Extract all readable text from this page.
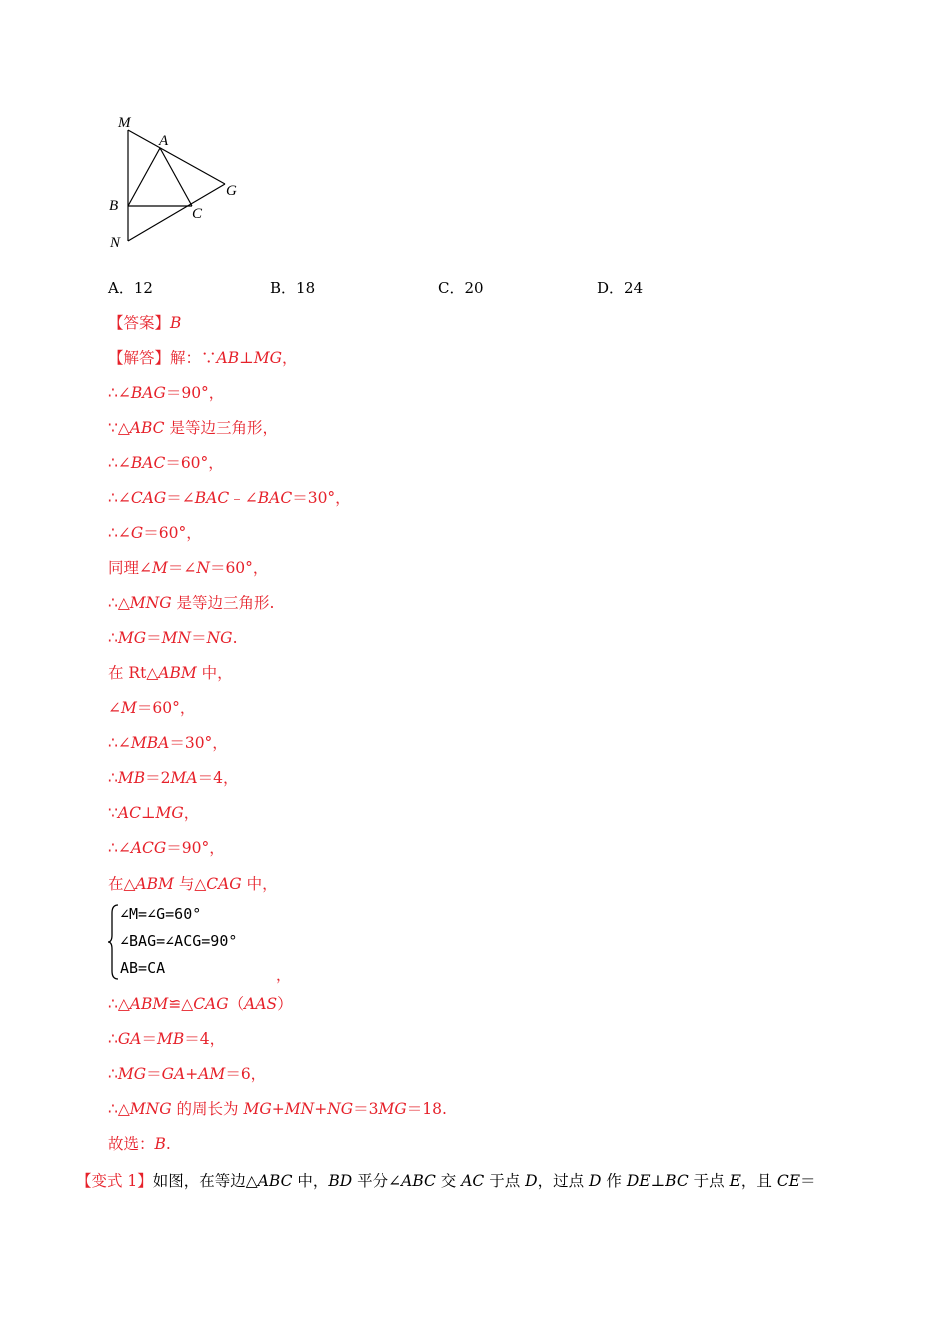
M
A
G
B	C
N
A．12	B．18	C．20	D．24
【答案】B
【解答】解：∵AB⊥MG，
∴∠BAG＝90°，
∵△ABC 是等边三角形，
∴∠BAC＝60°，
∴∠CAG＝∠BAC﹣∠BAC＝30°，
∴∠G＝60°，
同理∠M＝∠N＝60°，
∴△MNG 是等边三角形.
∴MG＝MN＝NG.
在 Rt△ABM 中，
∠M＝60°，
∴∠MBA＝30°，
∴MB＝2MA＝4，
∵AC⊥MG，
∴∠ACG＝90°，
在△ABM 与△CAG 中，
∠M=∠G=60°
∠BAG=∠ACG=90°
AB=CA	，
∴△ABM≌△CAG（AAS）
∴GA＝MB＝4，
∴MG＝GA+AM＝6，
∴△MNG 的周长为 MG+MN+NG＝3MG＝18.
故选：B.
【变式 1】如图，在等边△ABC 中，BD 平分∠ABC 交 AC 于点 D，过点 D 作 DE⊥BC 于点 E，且 CE＝
